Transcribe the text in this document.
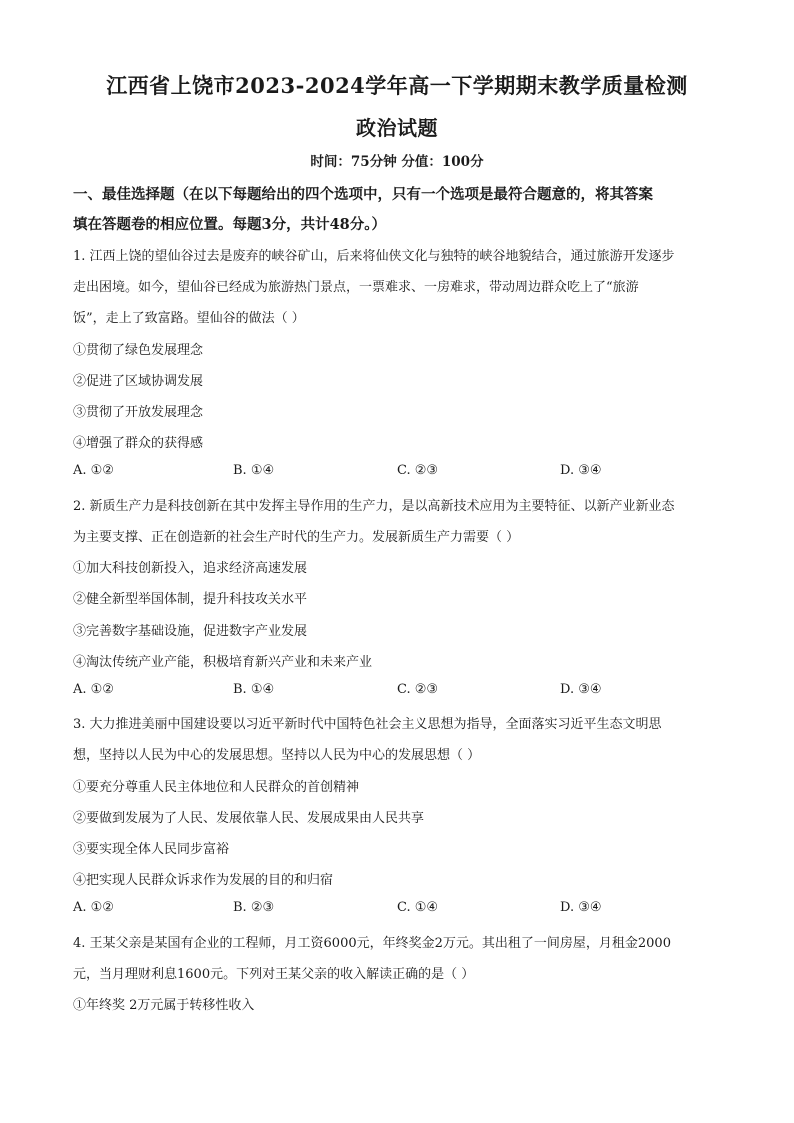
江西省上饶市2023-2024学年高一下学期期末教学质量检测
政治试题
时间：75分钟 分值：100分
一、最佳选择题（在以下每题给出的四个选项中，只有一个选项是最符合题意的，将其答案
填在答题卷的相应位置。每题3分，共计48分。）
1. 江西上饶的望仙谷过去是废弃的峡谷矿山，后来将仙侠文化与独特的峡谷地貌结合，通过旅游开发逐步
走出困境。如今，望仙谷已经成为旅游热门景点，一票难求、一房难求，带动周边群众吃上了“旅游
饭”，走上了致富路。望仙谷的做法（ ）
①贯彻了绿色发展理念
②促进了区域协调发展
③贯彻了开放发展理念
④增强了群众的获得感
A. ①②	B. ①④	C. ②③	D. ③④
2. 新质生产力是科技创新在其中发挥主导作用的生产力，是以高新技术应用为主要特征、以新产业新业态
为主要支撑、正在创造新的社会生产时代的生产力。发展新质生产力需要（ ）
①加大科技创新投入，追求经济高速发展
②健全新型举国体制，提升科技攻关水平
③完善数字基础设施，促进数字产业发展
④淘汰传统产业产能，积极培育新兴产业和未来产业
A. ①②	B. ①④	C. ②③	D. ③④
3. 大力推进美丽中国建设要以习近平新时代中国特色社会主义思想为指导，全面落实习近平生态文明思
想，坚持以人民为中心的发展思想。坚持以人民为中心的发展思想（ ）
①要充分尊重人民主体地位和人民群众的首创精神
②要做到发展为了人民、发展依靠人民、发展成果由人民共享
③要实现全体人民同步富裕
④把实现人民群众诉求作为发展的目的和归宿
A. ①②	B. ②③	C. ①④	D. ③④
4. 王某父亲是某国有企业的工程师，月工资6000元，年终奖金2万元。其出租了一间房屋，月租金2000
元，当月理财利息1600元。下列对王某父亲的收入解读正确的是（ ）
①年终奖 2万元属于转移性收入
